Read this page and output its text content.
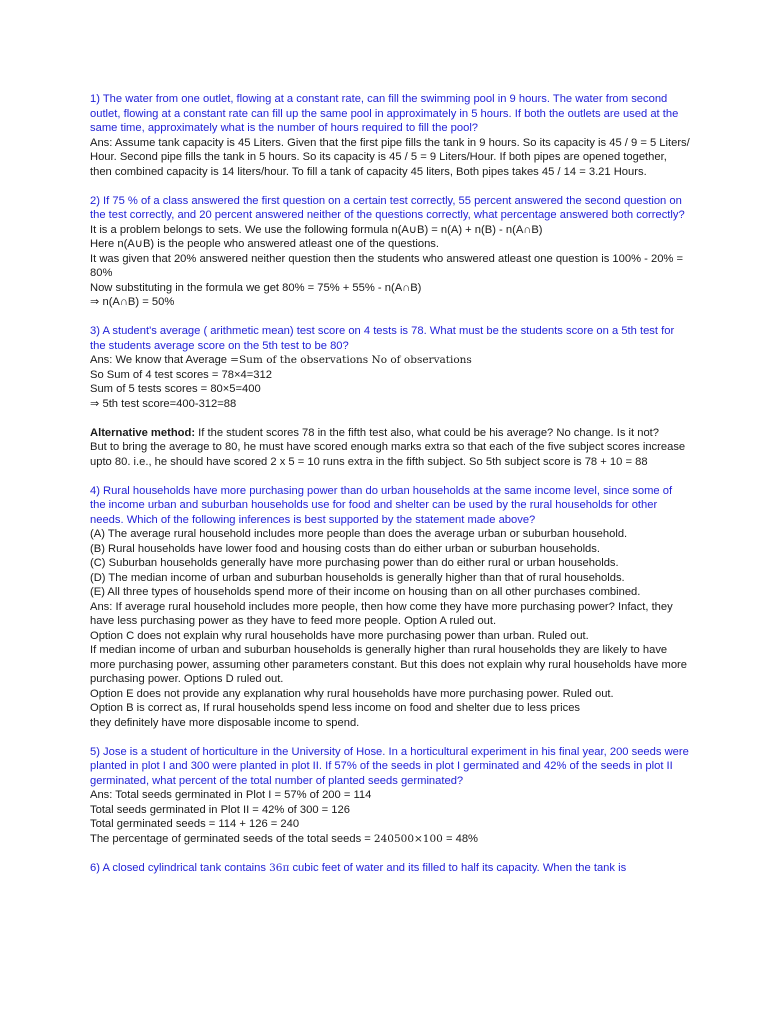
1) The water from one outlet, flowing at a constant rate, can fill the swimming pool in 9 hours. The water from second outlet, flowing at a constant rate can fill up the same pool in approximately in 5 hours. If both the outlets are used at the same time, approximately what is the number of hours required to fill the pool?

Ans: Assume tank capacity is 45 Liters. Given that the first pipe fills the tank in 9 hours. So its capacity is 45 / 9 = 5 Liters/ Hour. Second pipe fills the tank in 5 hours. So its capacity is 45 / 5 = 9 Liters/Hour. If both pipes are opened together, then combined capacity is 14 liters/hour. To fill a tank of capacity 45 liters, Both pipes takes 45 / 14 = 3.21 Hours.

2) If 75 % of a class answered the first question on a certain test correctly, 55 percent answered the second question on the test correctly, and 20 percent answered neither of the questions correctly, what percentage answered both correctly?

It is a problem belongs to sets. We use the following formula n(A∪B) = n(A) + n(B) - n(A∩B)

Here n(A∪B) is the people who answered atleast one of the questions.

It was given that 20% answered neither question then the students who answered atleast one question is 100% - 20% = 80%

Now substituting in the formula we get 80% = 75% + 55% - n(A∩B)

⇒ n(A∩B) = 50%

3) A student's average ( arithmetic mean) test score on 4 tests is 78. What must be the students score on a 5th test for the students average score on the 5th test to be 80?

Ans: We know that Average =Sum of the observations No of observations

So Sum of 4 test scores = 78×4=312

Sum of 5 tests scores = 80×5=400

⇒ 5th test score=400-312=88

Alternative method: If the student scores 78 in the fifth test also, what could be his average? No change. Is it not?

But to bring the average to 80, he must have scored enough marks extra so that each of the five subject scores increase upto 80. i.e., he should have scored 2 x 5 = 10 runs extra in the fifth subject. So 5th subject score is 78 + 10 = 88

4) Rural households have more purchasing power than do urban households at the same income level, since some of the income urban and suburban households use for food and shelter can be used by the rural households for other needs. Which of the following inferences is best supported by the statement made above?

(A) The average rural household includes more people than does the average urban or suburban household.

(B) Rural households have lower food and housing costs than do either urban or suburban households.

(C) Suburban households generally have more purchasing power than do either rural or urban households.

(D) The median income of urban and suburban households is generally higher than that of rural households.

(E) All three types of households spend more of their income on housing than on all other purchases combined.

Ans: If average rural household includes more people, then how come they have more purchasing power? Infact, they have less purchasing power as they have to feed more people. Option A ruled out.

Option C does not explain why rural households have more purchasing power than urban. Ruled out.

If median income of urban and suburban households is generally higher than rural households they are likely to have more purchasing power, assuming other parameters constant. But this does not explain why rural households have more purchasing power. Options D ruled out.

Option E does not provide any explanation why rural households have more purchasing power. Ruled out.

Option B is correct as, If rural households spend less income on food and shelter due to less prices

they definitely have more disposable income to spend.

5) Jose is a student of horticulture in the University of Hose. In a horticultural experiment in his final year, 200 seeds were planted in plot I and 300 were planted in plot II. If 57% of the seeds in plot I germinated and 42% of the seeds in plot II germinated, what percent of the total number of planted seeds germinated?

Ans: Total seeds germinated in Plot I = 57% of 200 = 114

Total seeds germinated in Plot II = 42% of 300 = 126

Total germinated seeds = 114 + 126 = 240

The percentage of germinated seeds of the total seeds = 240500×100 = 48%

6) A closed cylindrical tank contains 36π cubic feet of water and its filled to half its capacity. When the tank is
